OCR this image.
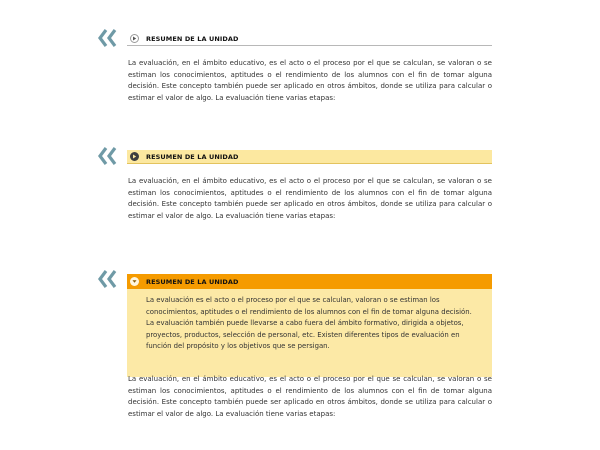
RESUMEN DE LA UNIDAD
La evaluación, en el ámbito educativo, es el acto o el proceso por el que se calculan, se valoran o se estiman los conocimientos, aptitudes o el rendimiento de los alumnos con el fin de tomar alguna decisión. Este concepto también puede ser aplicado en otros ámbitos, donde se utiliza para calcular o estimar el valor de algo. La evaluación tiene varias etapas:
RESUMEN DE LA UNIDAD
La evaluación, en el ámbito educativo, es el acto o el proceso por el que se calculan, se valoran o se estiman los conocimientos, aptitudes o el rendimiento de los alumnos con el fin de tomar alguna decisión. Este concepto también puede ser aplicado en otros ámbitos, donde se utiliza para calcular o estimar el valor de algo. La evaluación tiene varias etapas:
RESUMEN DE LA UNIDAD
La evaluación es el acto o el proceso por el que se calculan, valoran o se estiman los conocimientos, aptitudes o el rendimiento de los alumnos con el fin de tomar alguna decisión. La evaluación también puede llevarse a cabo fuera del ámbito formativo, dirigida a objetos, proyectos, productos, selección de personal, etc. Existen diferentes tipos de evaluación en función del propósito y los objetivos que se persigan.
La evaluación, en el ámbito educativo, es el acto o el proceso por el que se calculan, se valoran o se estiman los conocimientos, aptitudes o el rendimiento de los alumnos con el fin de tomar alguna decisión. Este concepto también puede ser aplicado en otros ámbitos, donde se utiliza para calcular o estimar el valor de algo. La evaluación tiene varias etapas:
